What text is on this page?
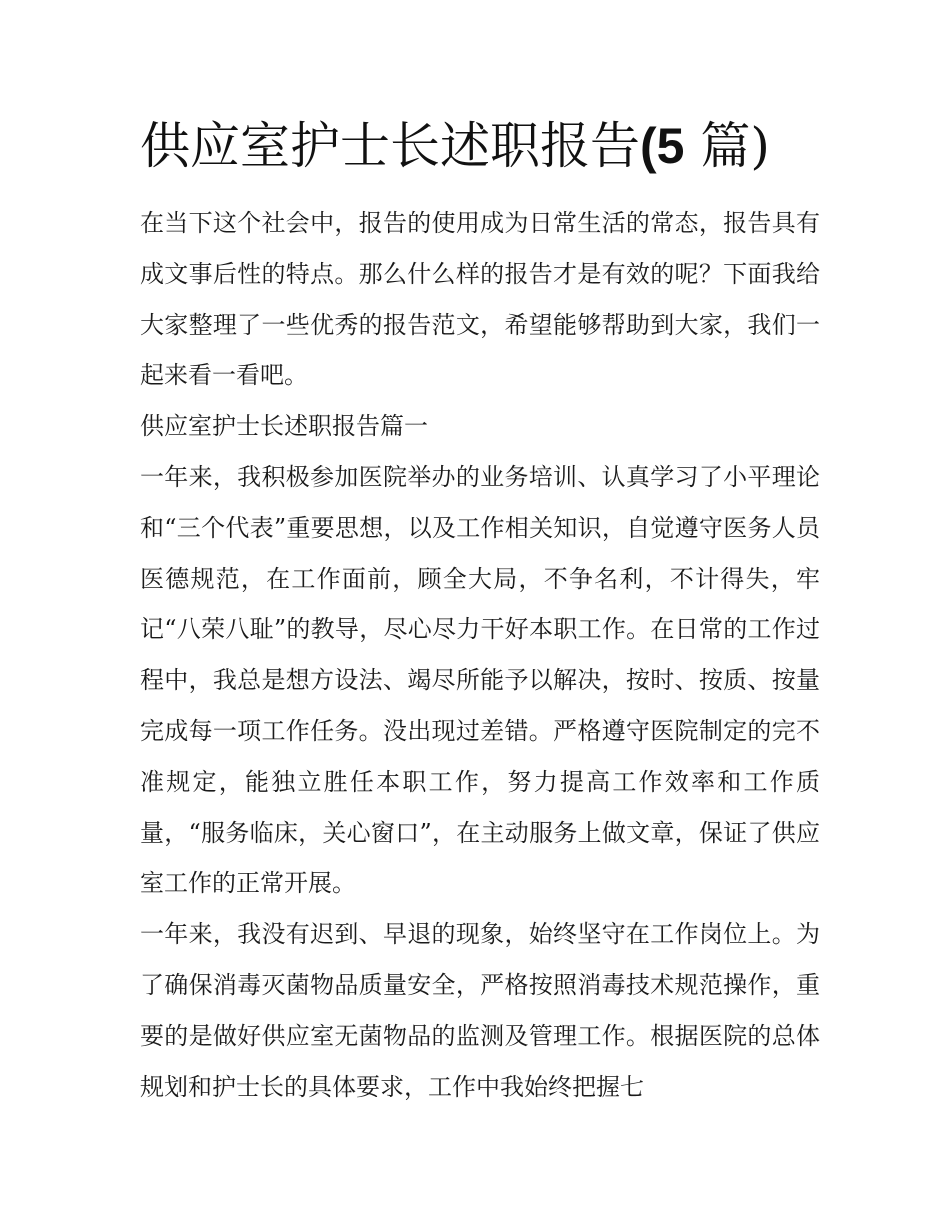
供应室护士长述职报告(5 篇)

在当下这个社会中，报告的使用成为日常生活的常态，报告具有成文事后性的特点。那么什么样的报告才是有效的呢？下面我给大家整理了一些优秀的报告范文，希望能够帮助到大家，我们一起来看一看吧。

供应室护士长述职报告篇一

一年来，我积极参加医院举办的业务培训、认真学习了小平理论和“三个代表”重要思想，以及工作相关知识，自觉遵守医务人员医德规范，在工作面前，顾全大局，不争名利，不计得失，牢记“八荣八耻”的教导，尽心尽力干好本职工作。在日常的工作过程中，我总是想方设法、竭尽所能予以解决，按时、按质、按量完成每一项工作任务。没出现过差错。严格遵守医院制定的完不准规定，能独立胜任本职工作，努力提高工作效率和工作质量，“服务临床，关心窗口”，在主动服务上做文章，保证了供应室工作的正常开展。

一年来，我没有迟到、早退的现象，始终坚守在工作岗位上。为了确保消毒灭菌物品质量安全，严格按照消毒技术规范操作，重要的是做好供应室无菌物品的监测及管理工作。根据医院的总体规划和护士长的具体要求，工作中我始终把握七
